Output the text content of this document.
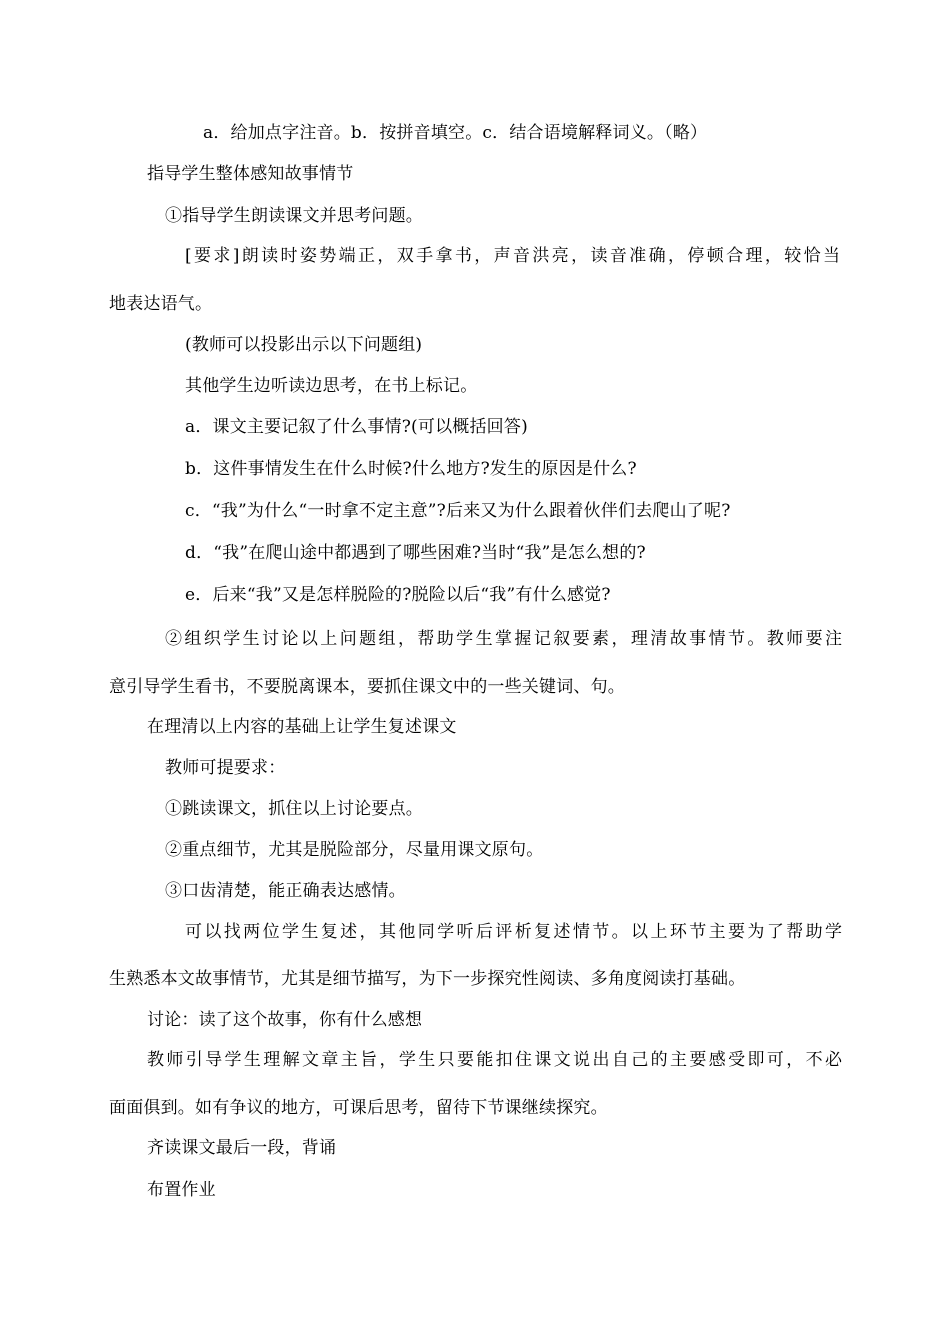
a．给加点字注音。b．按拼音填空。c．结合语境解释词义。（略）
指导学生整体感知故事情节
①指导学生朗读课文并思考问题。
[要求]朗读时姿势端正，双手拿书，声音洪亮，读音准确，停顿合理，较恰当
地表达语气。
(教师可以投影出示以下问题组)
其他学生边听读边思考，在书上标记。
a．课文主要记叙了什么事情?(可以概括回答)
b．这件事情发生在什么时候?什么地方?发生的原因是什么?
c．“我”为什么“一时拿不定主意”?后来又为什么跟着伙伴们去爬山了呢?
d．“我”在爬山途中都遇到了哪些困难?当时“我”是怎么想的?
e．后来“我”又是怎样脱险的?脱险以后“我”有什么感觉?
②组织学生讨论以上问题组，帮助学生掌握记叙要素，理清故事情节。教师要注
意引导学生看书，不要脱离课本，要抓住课文中的一些关键词、句。
在理清以上内容的基础上让学生复述课文
教师可提要求：
①跳读课文，抓住以上讨论要点。
②重点细节，尤其是脱险部分，尽量用课文原句。
③口齿清楚，能正确表达感情。
可以找两位学生复述，其他同学听后评析复述情节。以上环节主要为了帮助学
生熟悉本文故事情节，尤其是细节描写，为下一步探究性阅读、多角度阅读打基础。
讨论：读了这个故事，你有什么感想
教师引导学生理解文章主旨，学生只要能扣住课文说出自己的主要感受即可，不必
面面俱到。如有争议的地方，可课后思考，留待下节课继续探究。
齐读课文最后一段，背诵
布置作业
